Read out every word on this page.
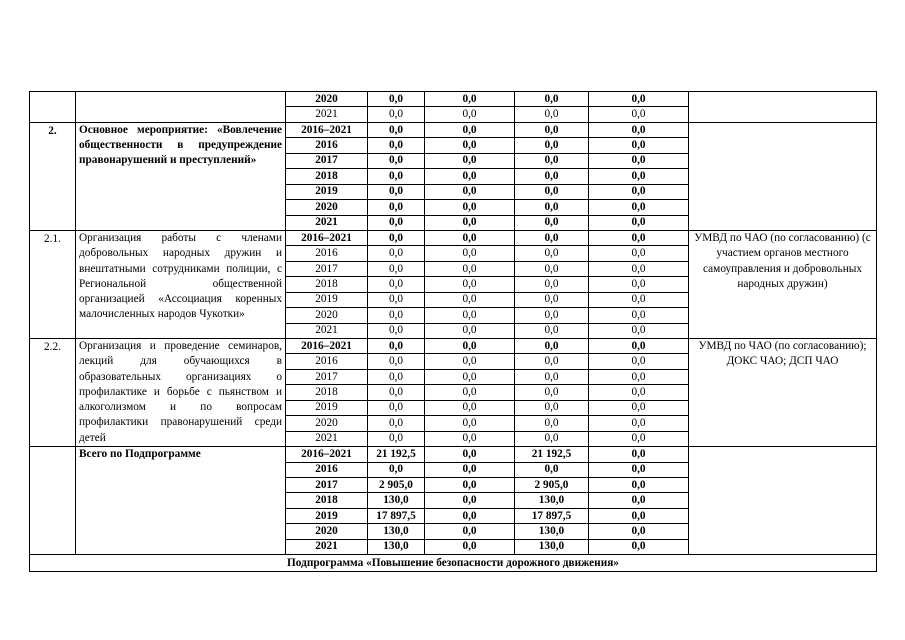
		2020	0,0	0,0	0,0	0,0	
		2021	0,0	0,0	0,0	0,0	
2.	Основное мероприятие: «Вовлечение общественности в предупреждение правонарушений и преступлений»	2016–2021	0,0	0,0	0,0	0,0	
		2016	0,0	0,0	0,0	0,0	
		2017	0,0	0,0	0,0	0,0	
		2018	0,0	0,0	0,0	0,0	
		2019	0,0	0,0	0,0	0,0	
		2020	0,0	0,0	0,0	0,0	
		2021	0,0	0,0	0,0	0,0	
2.1.	Организация работы с членами добровольных народных дружин и внештатными сотрудниками полиции, с Региональной общественной организацией «Ассоциация коренных малочисленных народов Чукотки»	2016–2021	0,0	0,0	0,0	0,0	УМВД по ЧАО (по согласованию) (с участием органов местного самоуправления и добровольных народных дружин)
		2016	0,0	0,0	0,0	0,0	
		2017	0,0	0,0	0,0	0,0	
		2018	0,0	0,0	0,0	0,0	
		2019	0,0	0,0	0,0	0,0	
		2020	0,0	0,0	0,0	0,0	
		2021	0,0	0,0	0,0	0,0	
2.2.	Организация и проведение семинаров, лекций для обучающихся в образовательных организациях о профилактике и борьбе с пьянством и алкоголизмом и по вопросам профилактики правонарушений среди детей	2016–2021	0,0	0,0	0,0	0,0	УМВД по ЧАО (по согласованию); ДОКС ЧАО; ДСП ЧАО
		2016	0,0	0,0	0,0	0,0	
		2017	0,0	0,0	0,0	0,0	
		2018	0,0	0,0	0,0	0,0	
		2019	0,0	0,0	0,0	0,0	
		2020	0,0	0,0	0,0	0,0	
		2021	0,0	0,0	0,0	0,0	
	Всего по Подпрограмме	2016–2021	21 192,5	0,0	21 192,5	0,0	
		2016	0,0	0,0	0,0	0,0	
		2017	2 905,0	0,0	2 905,0	0,0	
		2018	130,0	0,0	130,0	0,0	
		2019	17 897,5	0,0	17 897,5	0,0	
		2020	130,0	0,0	130,0	0,0	
		2021	130,0	0,0	130,0	0,0	
Подпрограмма «Повышение безопасности дорожного движения»							
